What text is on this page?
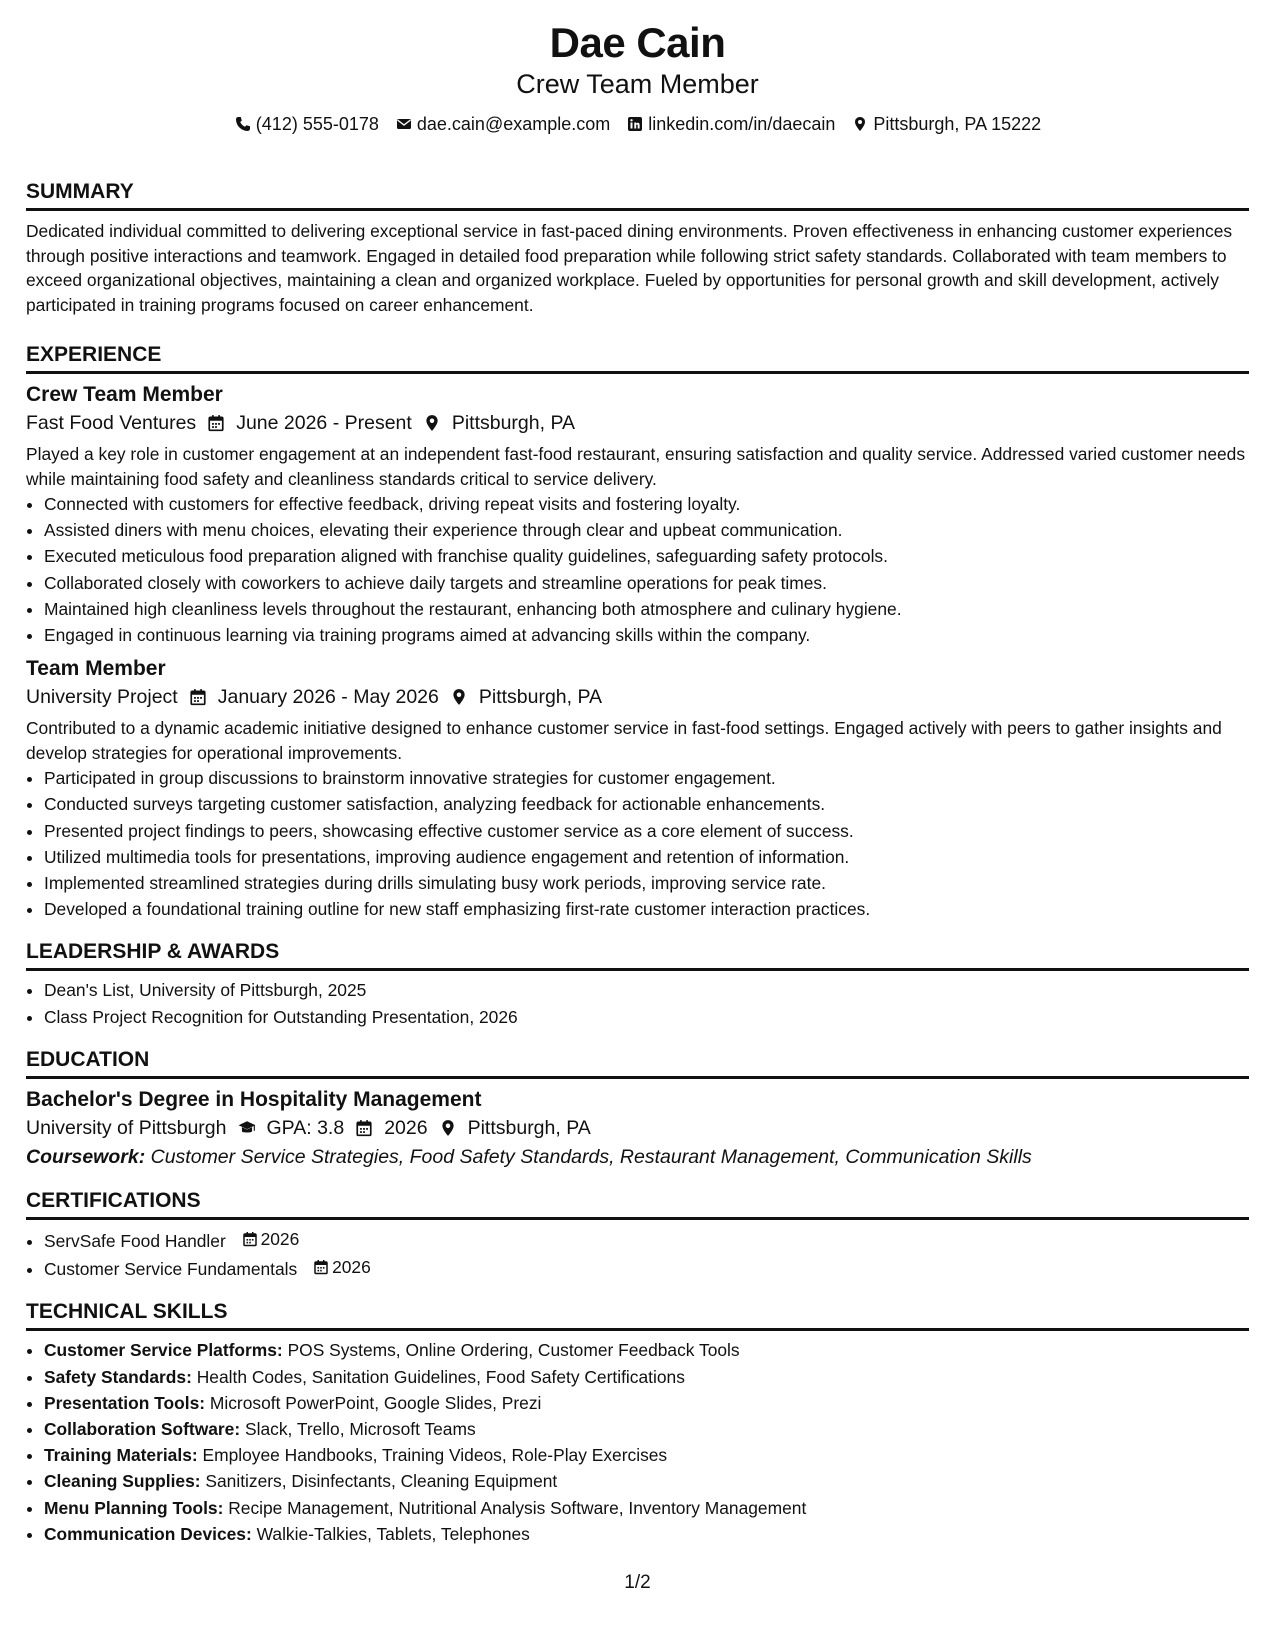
Dae Cain
Crew Team Member
(412) 555-0178 dae.cain@example.com linkedin.com/in/daecain Pittsburgh, PA 15222
SUMMARY

Dedicated individual committed to delivering exceptional service in fast-paced dining environments. Proven effectiveness in enhancing customer experiences through positive interactions and teamwork. Engaged in detailed food preparation while following strict safety standards. Collaborated with team members to exceed organizational objectives, maintaining a clean and organized workplace. Fueled by opportunities for personal growth and skill development, actively participated in training programs focused on career enhancement.

EXPERIENCE
Crew Team Member
Fast Food Ventures June 2026 - Present Pittsburgh, PA

Played a key role in customer engagement at an independent fast-food restaurant, ensuring satisfaction and quality service. Addressed varied customer needs while maintaining food safety and cleanliness standards critical to service delivery.

• Connected with customers for effective feedback, driving repeat visits and fostering loyalty.
• Assisted diners with menu choices, elevating their experience through clear and upbeat communication.
• Executed meticulous food preparation aligned with franchise quality guidelines, safeguarding safety protocols.
• Collaborated closely with coworkers to achieve daily targets and streamline operations for peak times.
• Maintained high cleanliness levels throughout the restaurant, enhancing both atmosphere and culinary hygiene.
• Engaged in continuous learning via training programs aimed at advancing skills within the company.
Team Member
University Project January 2026 - May 2026 Pittsburgh, PA

Contributed to a dynamic academic initiative designed to enhance customer service in fast-food settings. Engaged actively with peers to gather insights and develop strategies for operational improvements.

• Participated in group discussions to brainstorm innovative strategies for customer engagement.
• Conducted surveys targeting customer satisfaction, analyzing feedback for actionable enhancements.
• Presented project findings to peers, showcasing effective customer service as a core element of success.
• Utilized multimedia tools for presentations, improving audience engagement and retention of information.
• Implemented streamlined strategies during drills simulating busy work periods, improving service rate.
• Developed a foundational training outline for new staff emphasizing first-rate customer interaction practices.
LEADERSHIP & AWARDS
• Dean's List, University of Pittsburgh, 2025
• Class Project Recognition for Outstanding Presentation, 2026
EDUCATION
Bachelor's Degree in Hospitality Management
University of Pittsburgh GPA: 3.8 2026 Pittsburgh, PA
Coursework: Customer Service Strategies, Food Safety Standards, Restaurant Management, Communication Skills
CERTIFICATIONS
• ServSafe Food Handler 2026
• Customer Service Fundamentals 2026
TECHNICAL SKILLS
• Customer Service Platforms: POS Systems, Online Ordering, Customer Feedback Tools
• Safety Standards: Health Codes, Sanitation Guidelines, Food Safety Certifications
• Presentation Tools: Microsoft PowerPoint, Google Slides, Prezi
• Collaboration Software: Slack, Trello, Microsoft Teams
• Training Materials: Employee Handbooks, Training Videos, Role-Play Exercises
• Cleaning Supplies: Sanitizers, Disinfectants, Cleaning Equipment
• Menu Planning Tools: Recipe Management, Nutritional Analysis Software, Inventory Management
• Communication Devices: Walkie-Talkies, Tablets, Telephones
1/2
